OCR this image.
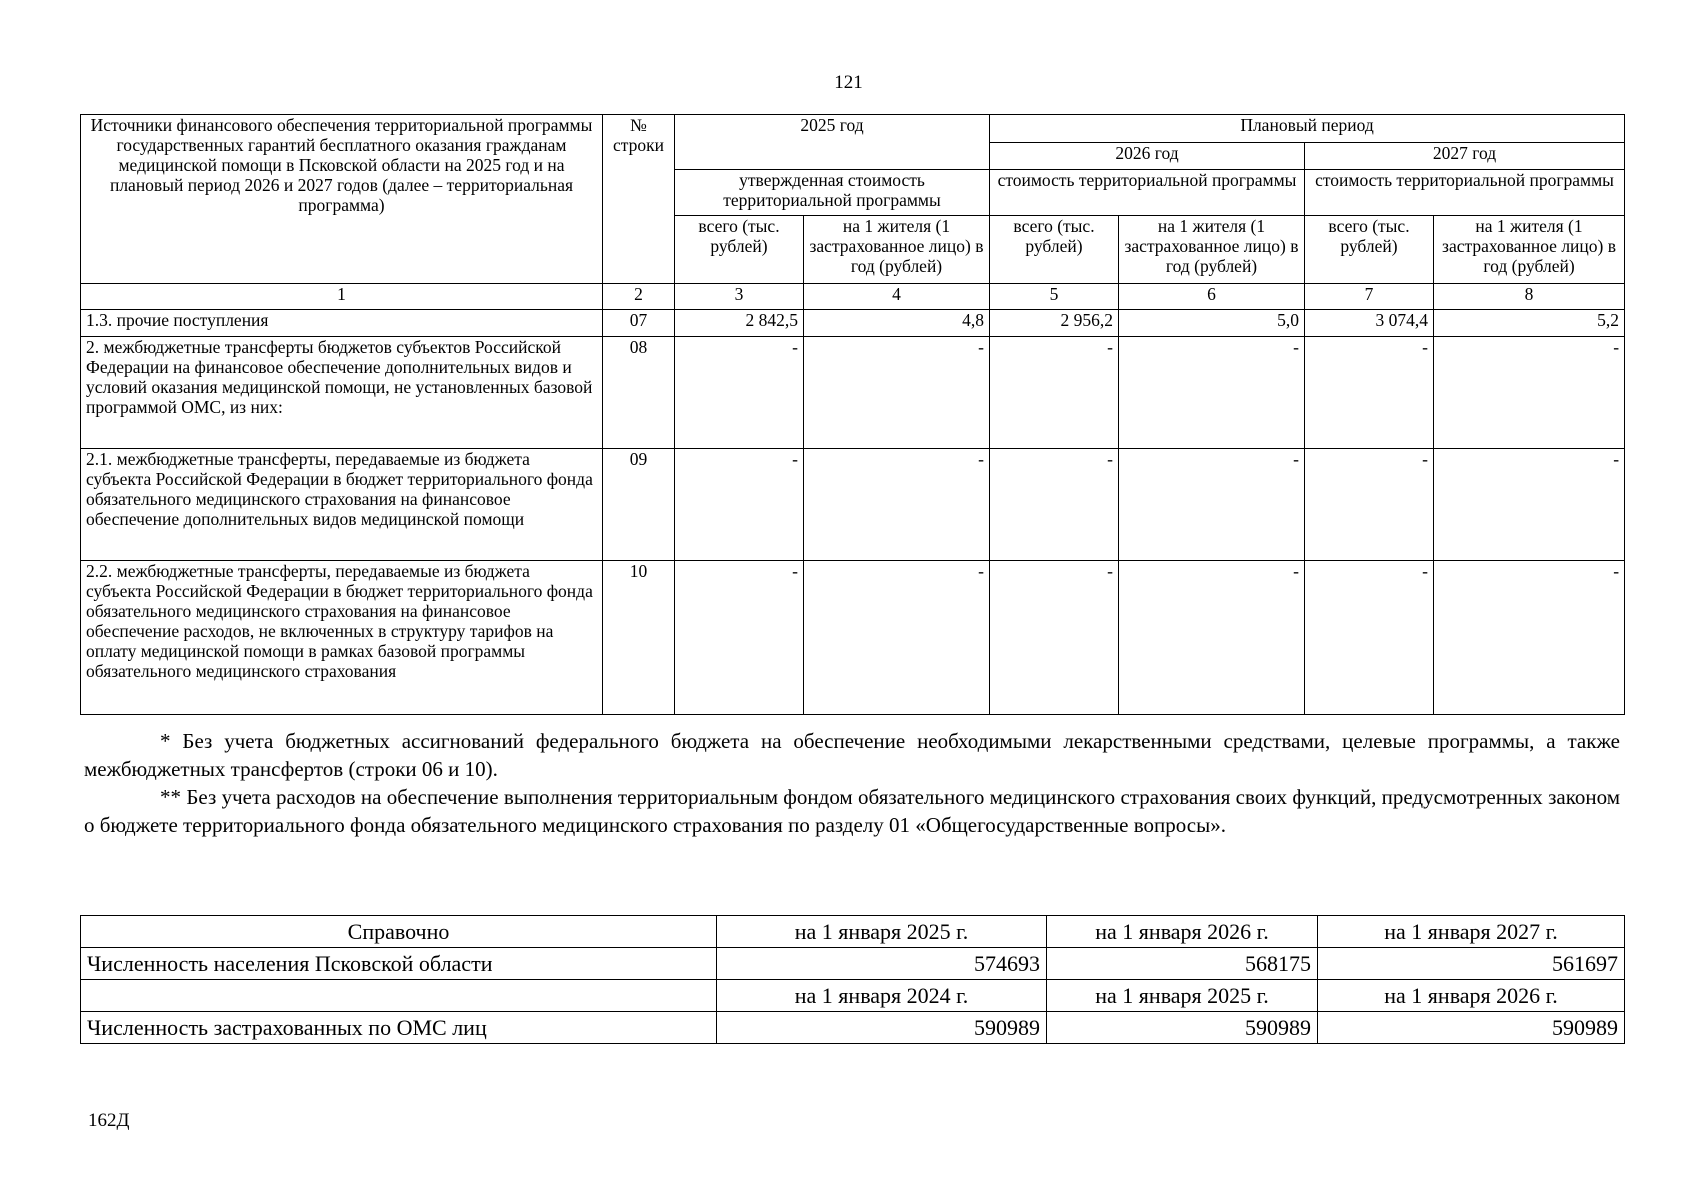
121
Источники финансового обеспечения территориальной программы государственных гарантий бесплатного оказания гражданам медицинской помощи в Псковской области на 2025 год и на плановый период 2026 и 2027 годов (далее – территориальная программа)	№ строки	2025 год		Плановый период			
				2026 год		2027 год	
		утвержденная стоимость территориальной программы		стоимость территориальной программы		стоимость территориальной программы	
		всего (тыс. рублей)	на 1 жителя (1 застрахованное лицо) в год (рублей)	всего (тыс. рублей)	на 1 жителя (1 застрахованное лицо) в год (рублей)	всего (тыс. рублей)	на 1 жителя (1 застрахованное лицо) в год (рублей)
1	2	3	4	5	6	7	8
1.3. прочие поступления	07	2 842,5	4,8	2 956,2	5,0	3 074,4	5,2
2. межбюджетные трансферты бюджетов субъектов Российской Федерации на финансовое обеспечение дополнительных видов и условий оказания медицинской помощи, не установленных базовой программой ОМС, из них:	08	-	-	-	-	-	-
2.1. межбюджетные трансферты, передаваемые из бюджета субъекта Российской Федерации в бюджет территориального фонда обязательного медицинского страхования на финансовое обеспечение дополнительных видов медицинской помощи	09	-	-	-	-	-	-
2.2. межбюджетные трансферты, передаваемые из бюджета субъекта Российской Федерации в бюджет территориального фонда обязательного медицинского страхования на финансовое обеспечение расходов, не включенных в структуру тарифов на оплату медицинской помощи в рамках базовой программы обязательного медицинского страхования	10	-	-	-	-	-	-

* Без учета бюджетных ассигнований федерального бюджета на обеспечение необходимыми лекарственными средствами, целевые программы, а также межбюджетных трансфертов (строки 06 и 10).

** Без учета расходов на обеспечение выполнения территориальным фондом обязательного медицинского страхования своих функций, предусмотренных законом о бюджете территориального фонда обязательного медицинского страхования по разделу 01 «Общегосударственные вопросы».

Справочно	на 1 января 2025 г.	на 1 января 2026 г.	на 1 января 2027 г.
Численность населения Псковской области	574693	568175	561697
	на 1 января 2024 г.	на 1 января 2025 г.	на 1 января 2026 г.
Численность застрахованных по ОМС лиц	590989	590989	590989
162Д
